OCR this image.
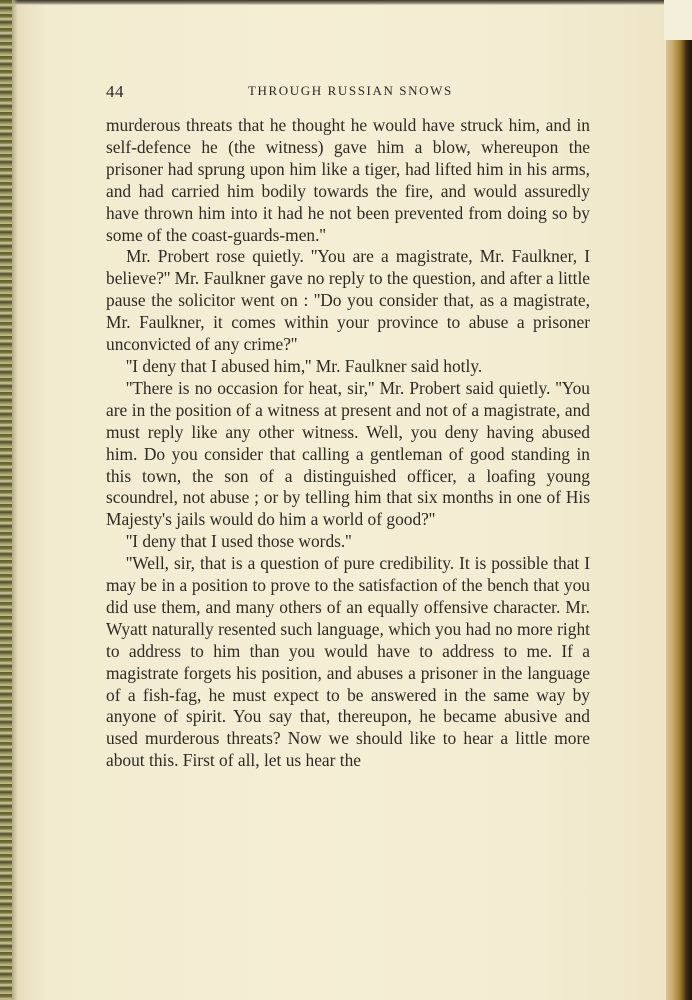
44	THROUGH RUSSIAN SNOWS

murderous threats that he thought he would have struck him, and in self-defence he (the witness) gave him a blow, whereupon the prisoner had sprung upon him like a tiger, had lifted him in his arms, and had carried him bodily towards the fire, and would assuredly have thrown him into it had he not been prevented from doing so by some of the coast-guards-men.''

Mr. Probert rose quietly. ''You are a magistrate, Mr. Faulkner, I believe?'' Mr. Faulkner gave no reply to the question, and after a little pause the solicitor went on : ''Do you consider that, as a magistrate, Mr. Faulkner, it comes within your province to abuse a prisoner unconvicted of any crime?''

''I deny that I abused him,'' Mr. Faulkner said hotly.

''There is no occasion for heat, sir,'' Mr. Probert said quietly. ''You are in the position of a witness at present and not of a magistrate, and must reply like any other witness. Well, you deny having abused him. Do you consider that calling a gentleman of good standing in this town, the son of a distinguished officer, a loafing young scoundrel, not abuse ; or by telling him that six months in one of His Majesty's jails would do him a world of good?''

''I deny that I used those words.''

''Well, sir, that is a question of pure credibility. It is possible that I may be in a position to prove to the satisfaction of the bench that you did use them, and many others of an equally offensive character. Mr. Wyatt naturally resented such language, which you had no more right to address to him than you would have to address to me. If a magistrate forgets his position, and abuses a prisoner in the language of a fish-fag, he must expect to be answered in the same way by anyone of spirit. You say that, thereupon, he became abusive and used murderous threats? Now we should like to hear a little more about this. First of all, let us hear the
